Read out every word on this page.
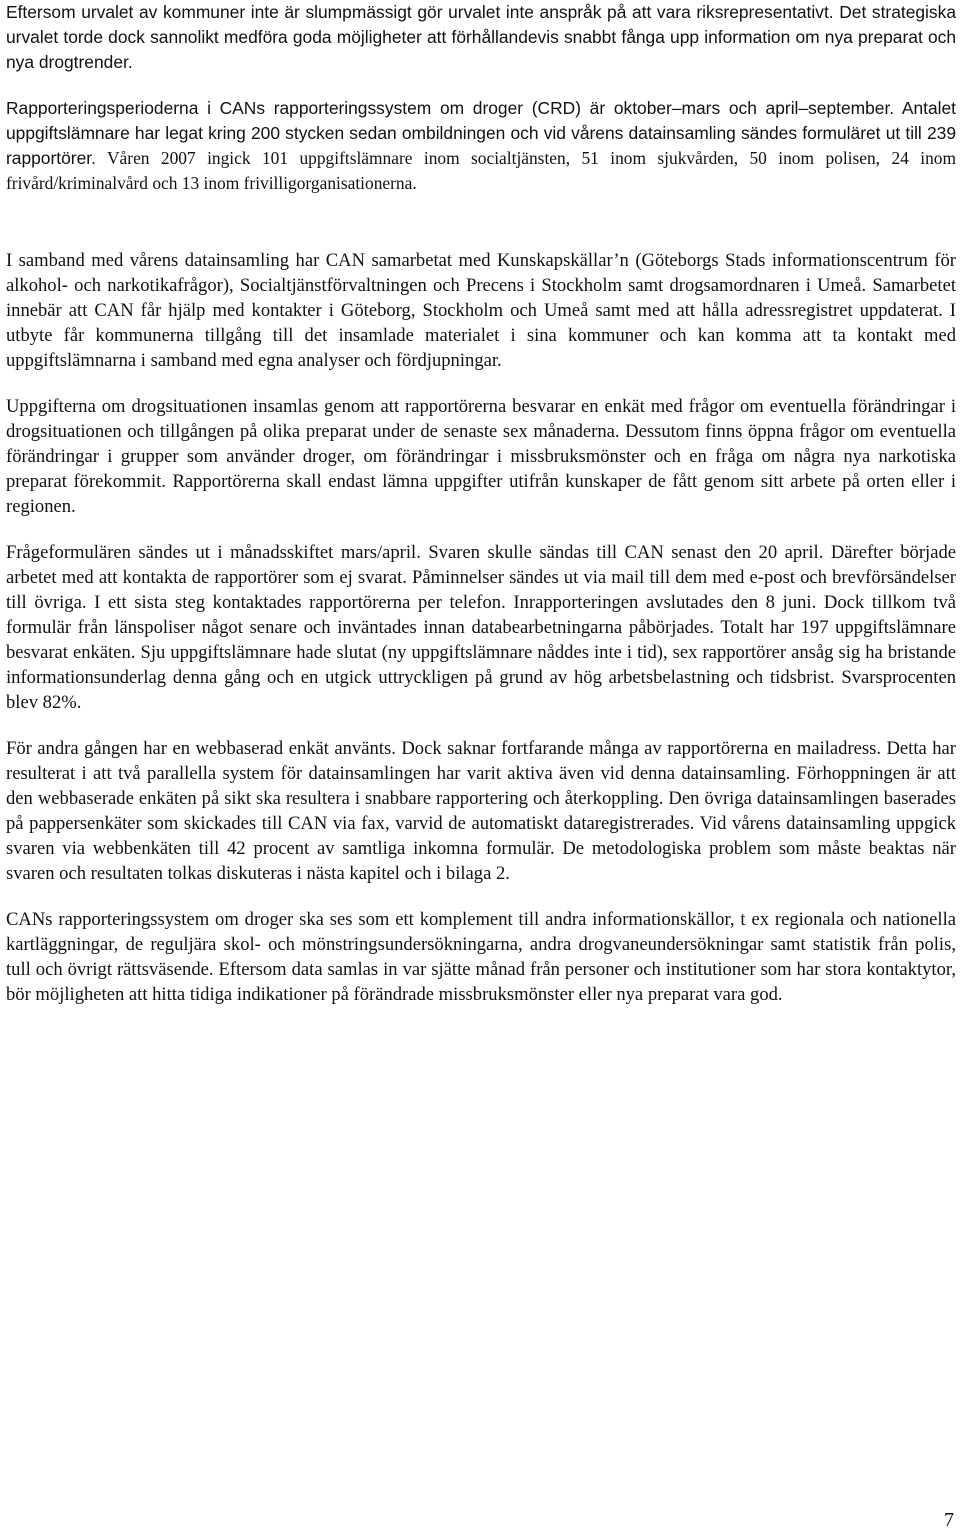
Eftersom urvalet av kommuner inte är slumpmässigt gör urvalet inte anspråk på att vara riksrepresentativt. Det strategiska urvalet torde dock sannolikt medföra goda möjligheter att förhållandevis snabbt fånga upp information om nya preparat och nya drogtrender.

Rapporteringsperioderna i CANs rapporteringssystem om droger (CRD) är oktober–mars och april–september. Antalet uppgiftslämnare har legat kring 200 stycken sedan ombildningen och vid vårens datainsamling sändes formuläret ut till 239 rapportörer. Våren 2007 ingick 101 uppgiftslämnare inom socialtjänsten, 51 inom sjukvården, 50 inom polisen, 24 inom frivård/kriminalvård och 13 inom frivilligorganisationerna.

I samband med vårens datainsamling har CAN samarbetat med Kunskapskällar’n (Göteborgs Stads informationscentrum för alkohol- och narkotikafrågor), Socialtjänstförvaltningen och Precens i Stockholm samt drogsamordnaren i Umeå. Samarbetet innebär att CAN får hjälp med kontakter i Göteborg, Stockholm och Umeå samt med att hålla adressregistret uppdaterat. I utbyte får kommunerna tillgång till det insamlade materialet i sina kommuner och kan komma att ta kontakt med uppgiftslämnarna i samband med egna analyser och fördjupningar.

Uppgifterna om drogsituationen insamlas genom att rapportörerna besvarar en enkät med frågor om eventuella förändringar i drogsituationen och tillgången på olika preparat under de senaste sex månaderna. Dessutom finns öppna frågor om eventuella förändringar i grupper som använder droger, om förändringar i missbruksmönster och en fråga om några nya narkotiska preparat förekommit. Rapportörerna skall endast lämna uppgifter utifrån kunskaper de fått genom sitt arbete på orten eller i regionen.

Frågeformulären sändes ut i månadsskiftet mars/april. Svaren skulle sändas till CAN senast den 20 april. Därefter började arbetet med att kontakta de rapportörer som ej svarat. Påminnelser sändes ut via mail till dem med e-post och brevförsändelser till övriga. I ett sista steg kontaktades rapportörerna per telefon. Inrapporteringen avslutades den 8 juni. Dock tillkom två formulär från länspoliser något senare och inväntades innan databearbetningarna påbörjades. Totalt har 197 uppgiftslämnare besvarat enkäten. Sju uppgiftslämnare hade slutat (ny uppgiftslämnare nåddes inte i tid), sex rapportörer ansåg sig ha bristande informationsunderlag denna gång och en utgick uttryckligen på grund av hög arbetsbelastning och tidsbrist. Svarsprocenten blev 82%.

För andra gången har en webbaserad enkät använts. Dock saknar fortfarande många av rapportörerna en mailadress. Detta har resulterat i att två parallella system för datainsamlingen har varit aktiva även vid denna datainsamling. Förhoppningen är att den webbaserade enkäten på sikt ska resultera i snabbare rapportering och återkoppling. Den övriga datainsamlingen baserades på pappersenkäter som skickades till CAN via fax, varvid de automatiskt dataregistrerades. Vid vårens datainsamling uppgick svaren via webbenkäten till 42 procent av samtliga inkomna formulär. De metodologiska problem som måste beaktas när svaren och resultaten tolkas diskuteras i nästa kapitel och i bilaga 2.

CANs rapporteringssystem om droger ska ses som ett komplement till andra informationskällor, t ex regionala och nationella kartläggningar, de reguljära skol- och mönstringsundersökningarna, andra drogvaneundersökningar samt statistik från polis, tull och övrigt rättsväsende. Eftersom data samlas in var sjätte månad från personer och institutioner som har stora kontaktytor, bör möjligheten att hitta tidiga indikationer på förändrade missbruksmönster eller nya preparat vara god.

7
